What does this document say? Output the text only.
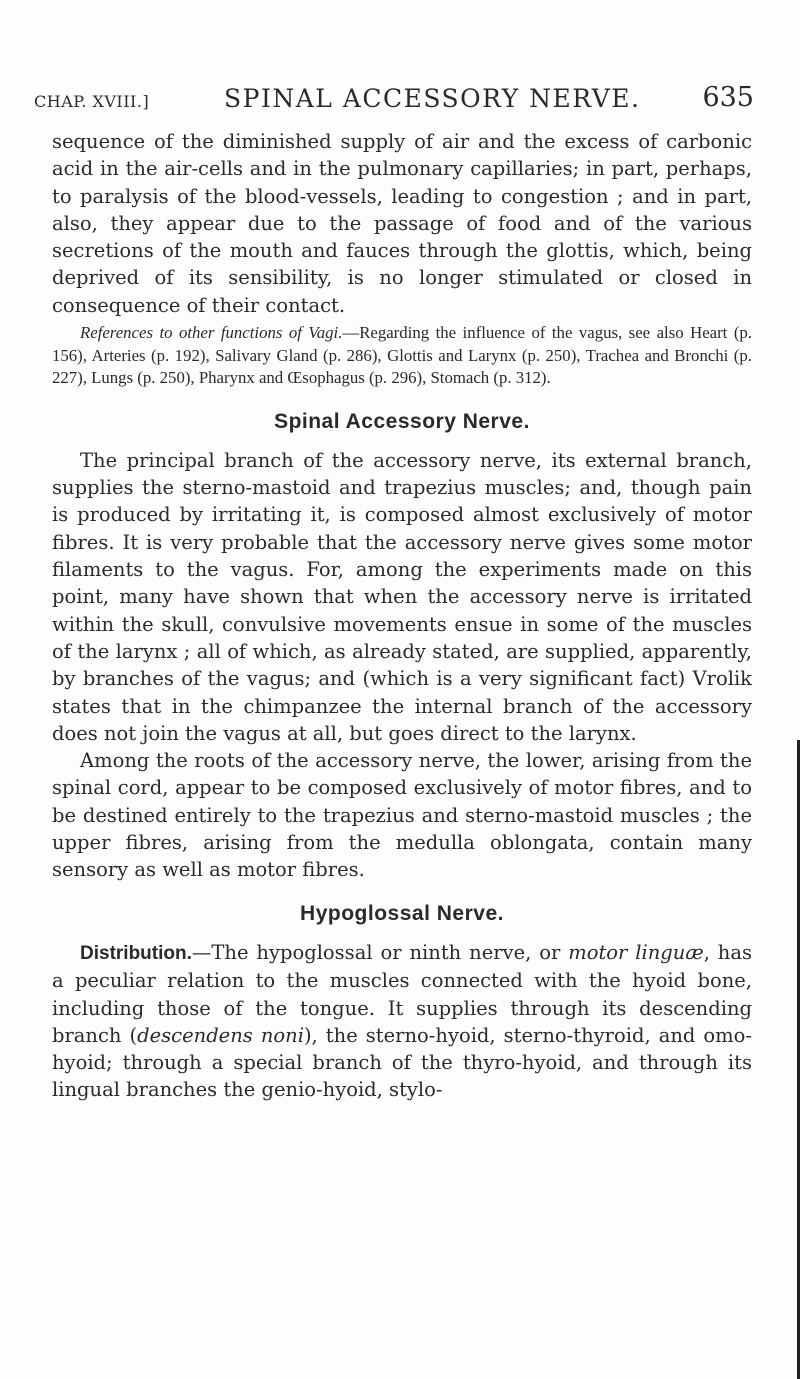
CHAP. XVIII.]	SPINAL ACCESSORY NERVE. 635

sequence of the diminished supply of air and the excess of carbonic acid in the air-cells and in the pulmonary capillaries; in part, perhaps, to paralysis of the blood-vessels, leading to congestion ; and in part, also, they appear due to the passage of food and of the various secretions of the mouth and fauces through the glottis, which, being deprived of its sensibility, is no longer stimulated or closed in consequence of their contact.

References to other functions of Vagi.—Regarding the influence of the vagus, see also Heart (p. 156), Arteries (p. 192), Salivary Gland (p. 286), Glottis and Larynx (p. 250), Trachea and Bronchi (p. 227), Lungs (p. 250), Pharynx and Œsophagus (p. 296), Stomach (p. 312).

Spinal Accessory Nerve.

The principal branch of the accessory nerve, its external branch, supplies the sterno-mastoid and trapezius muscles; and, though pain is produced by irritating it, is composed almost exclusively of motor fibres. It is very probable that the accessory nerve gives some motor filaments to the vagus. For, among the experiments made on this point, many have shown that when the accessory nerve is irritated within the skull, convulsive movements ensue in some of the muscles of the larynx ; all of which, as already stated, are supplied, apparently, by branches of the vagus; and (which is a very significant fact) Vrolik states that in the chimpanzee the internal branch of the accessory does not join the vagus at all, but goes direct to the larynx.

Among the roots of the accessory nerve, the lower, arising from the spinal cord, appear to be composed exclusively of motor fibres, and to be destined entirely to the trapezius and sterno-mastoid muscles ; the upper fibres, arising from the medulla oblongata, contain many sensory as well as motor fibres.

Hypoglossal Nerve.

Distribution.—The hypoglossal or ninth nerve, or motor linguæ, has a peculiar relation to the muscles connected with the hyoid bone, including those of the tongue. It supplies through its descending branch (descendens noni), the sterno-hyoid, sterno-thyroid, and omo-hyoid; through a special branch of the thyro-hyoid, and through its lingual branches the genio-hyoid, stylo-
